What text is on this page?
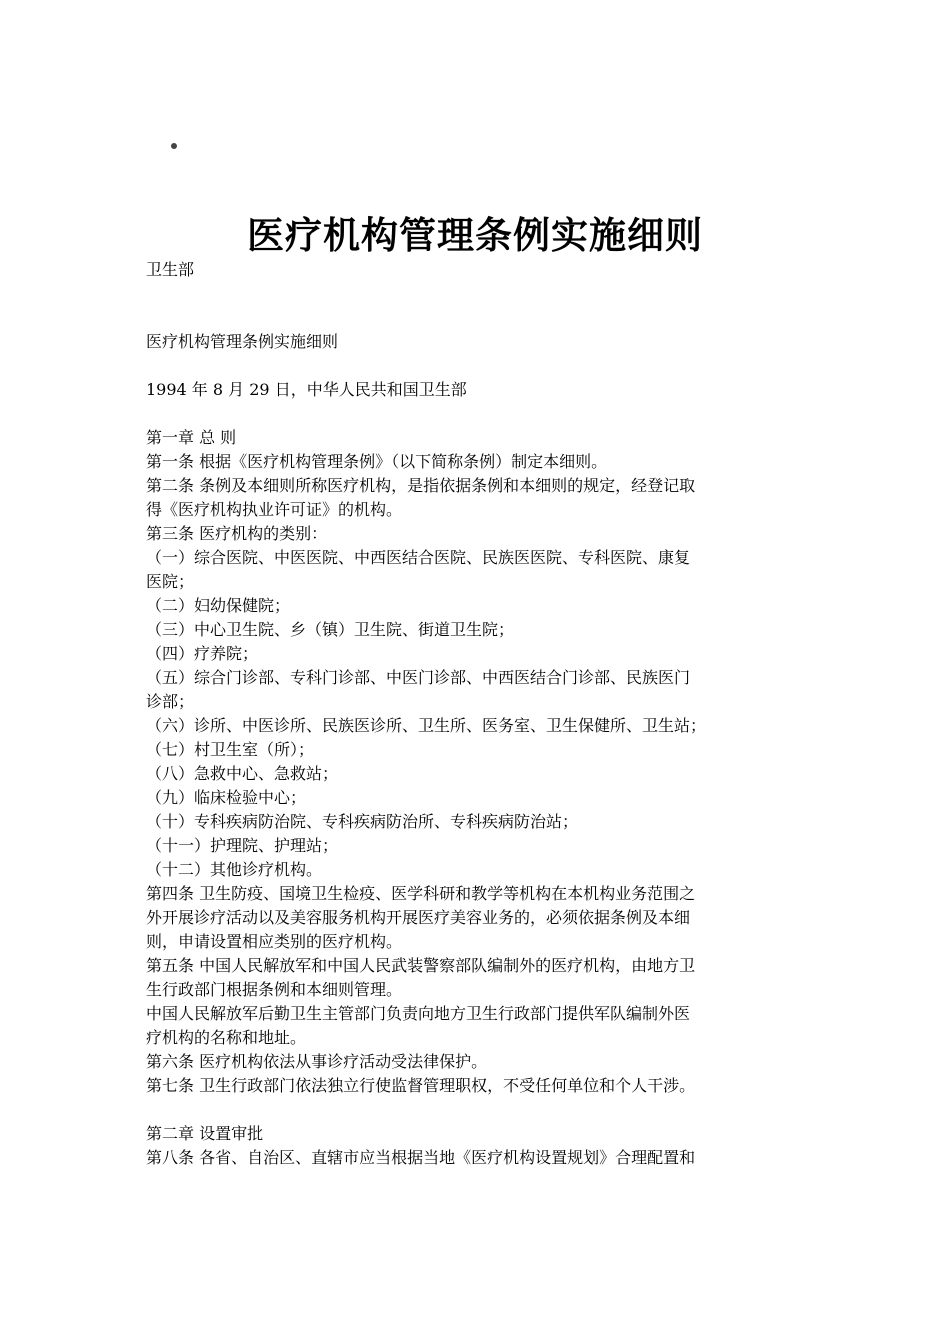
医疗机构管理条例实施细则
卫生部

医疗机构管理条例实施细则

1994 年 8 月 29 日，中华人民共和国卫生部

第一章 总 则

第一条 根据《医疗机构管理条例》（以下简称条例）制定本细则。

第二条 条例及本细则所称医疗机构，是指依据条例和本细则的规定，经登记取

得《医疗机构执业许可证》的机构。

第三条 医疗机构的类别：

（一）综合医院、中医医院、中西医结合医院、民族医医院、专科医院、康复

医院；

（二）妇幼保健院；

（三）中心卫生院、乡（镇）卫生院、街道卫生院；

（四）疗养院；

（五）综合门诊部、专科门诊部、中医门诊部、中西医结合门诊部、民族医门

诊部；

（六）诊所、中医诊所、民族医诊所、卫生所、医务室、卫生保健所、卫生站；

（七）村卫生室（所）；

（八）急救中心、急救站；

（九）临床检验中心；

（十）专科疾病防治院、专科疾病防治所、专科疾病防治站；

（十一）护理院、护理站；

（十二）其他诊疗机构。

第四条 卫生防疫、国境卫生检疫、医学科研和教学等机构在本机构业务范围之

外开展诊疗活动以及美容服务机构开展医疗美容业务的，必须依据条例及本细

则，申请设置相应类别的医疗机构。

第五条 中国人民解放军和中国人民武装警察部队编制外的医疗机构，由地方卫

生行政部门根据条例和本细则管理。

中国人民解放军后勤卫生主管部门负责向地方卫生行政部门提供军队编制外医

疗机构的名称和地址。

第六条 医疗机构依法从事诊疗活动受法律保护。

第七条 卫生行政部门依法独立行使监督管理职权，不受任何单位和个人干涉。

第二章 设置审批

第八条 各省、自治区、直辖市应当根据当地《医疗机构设置规划》合理配置和
